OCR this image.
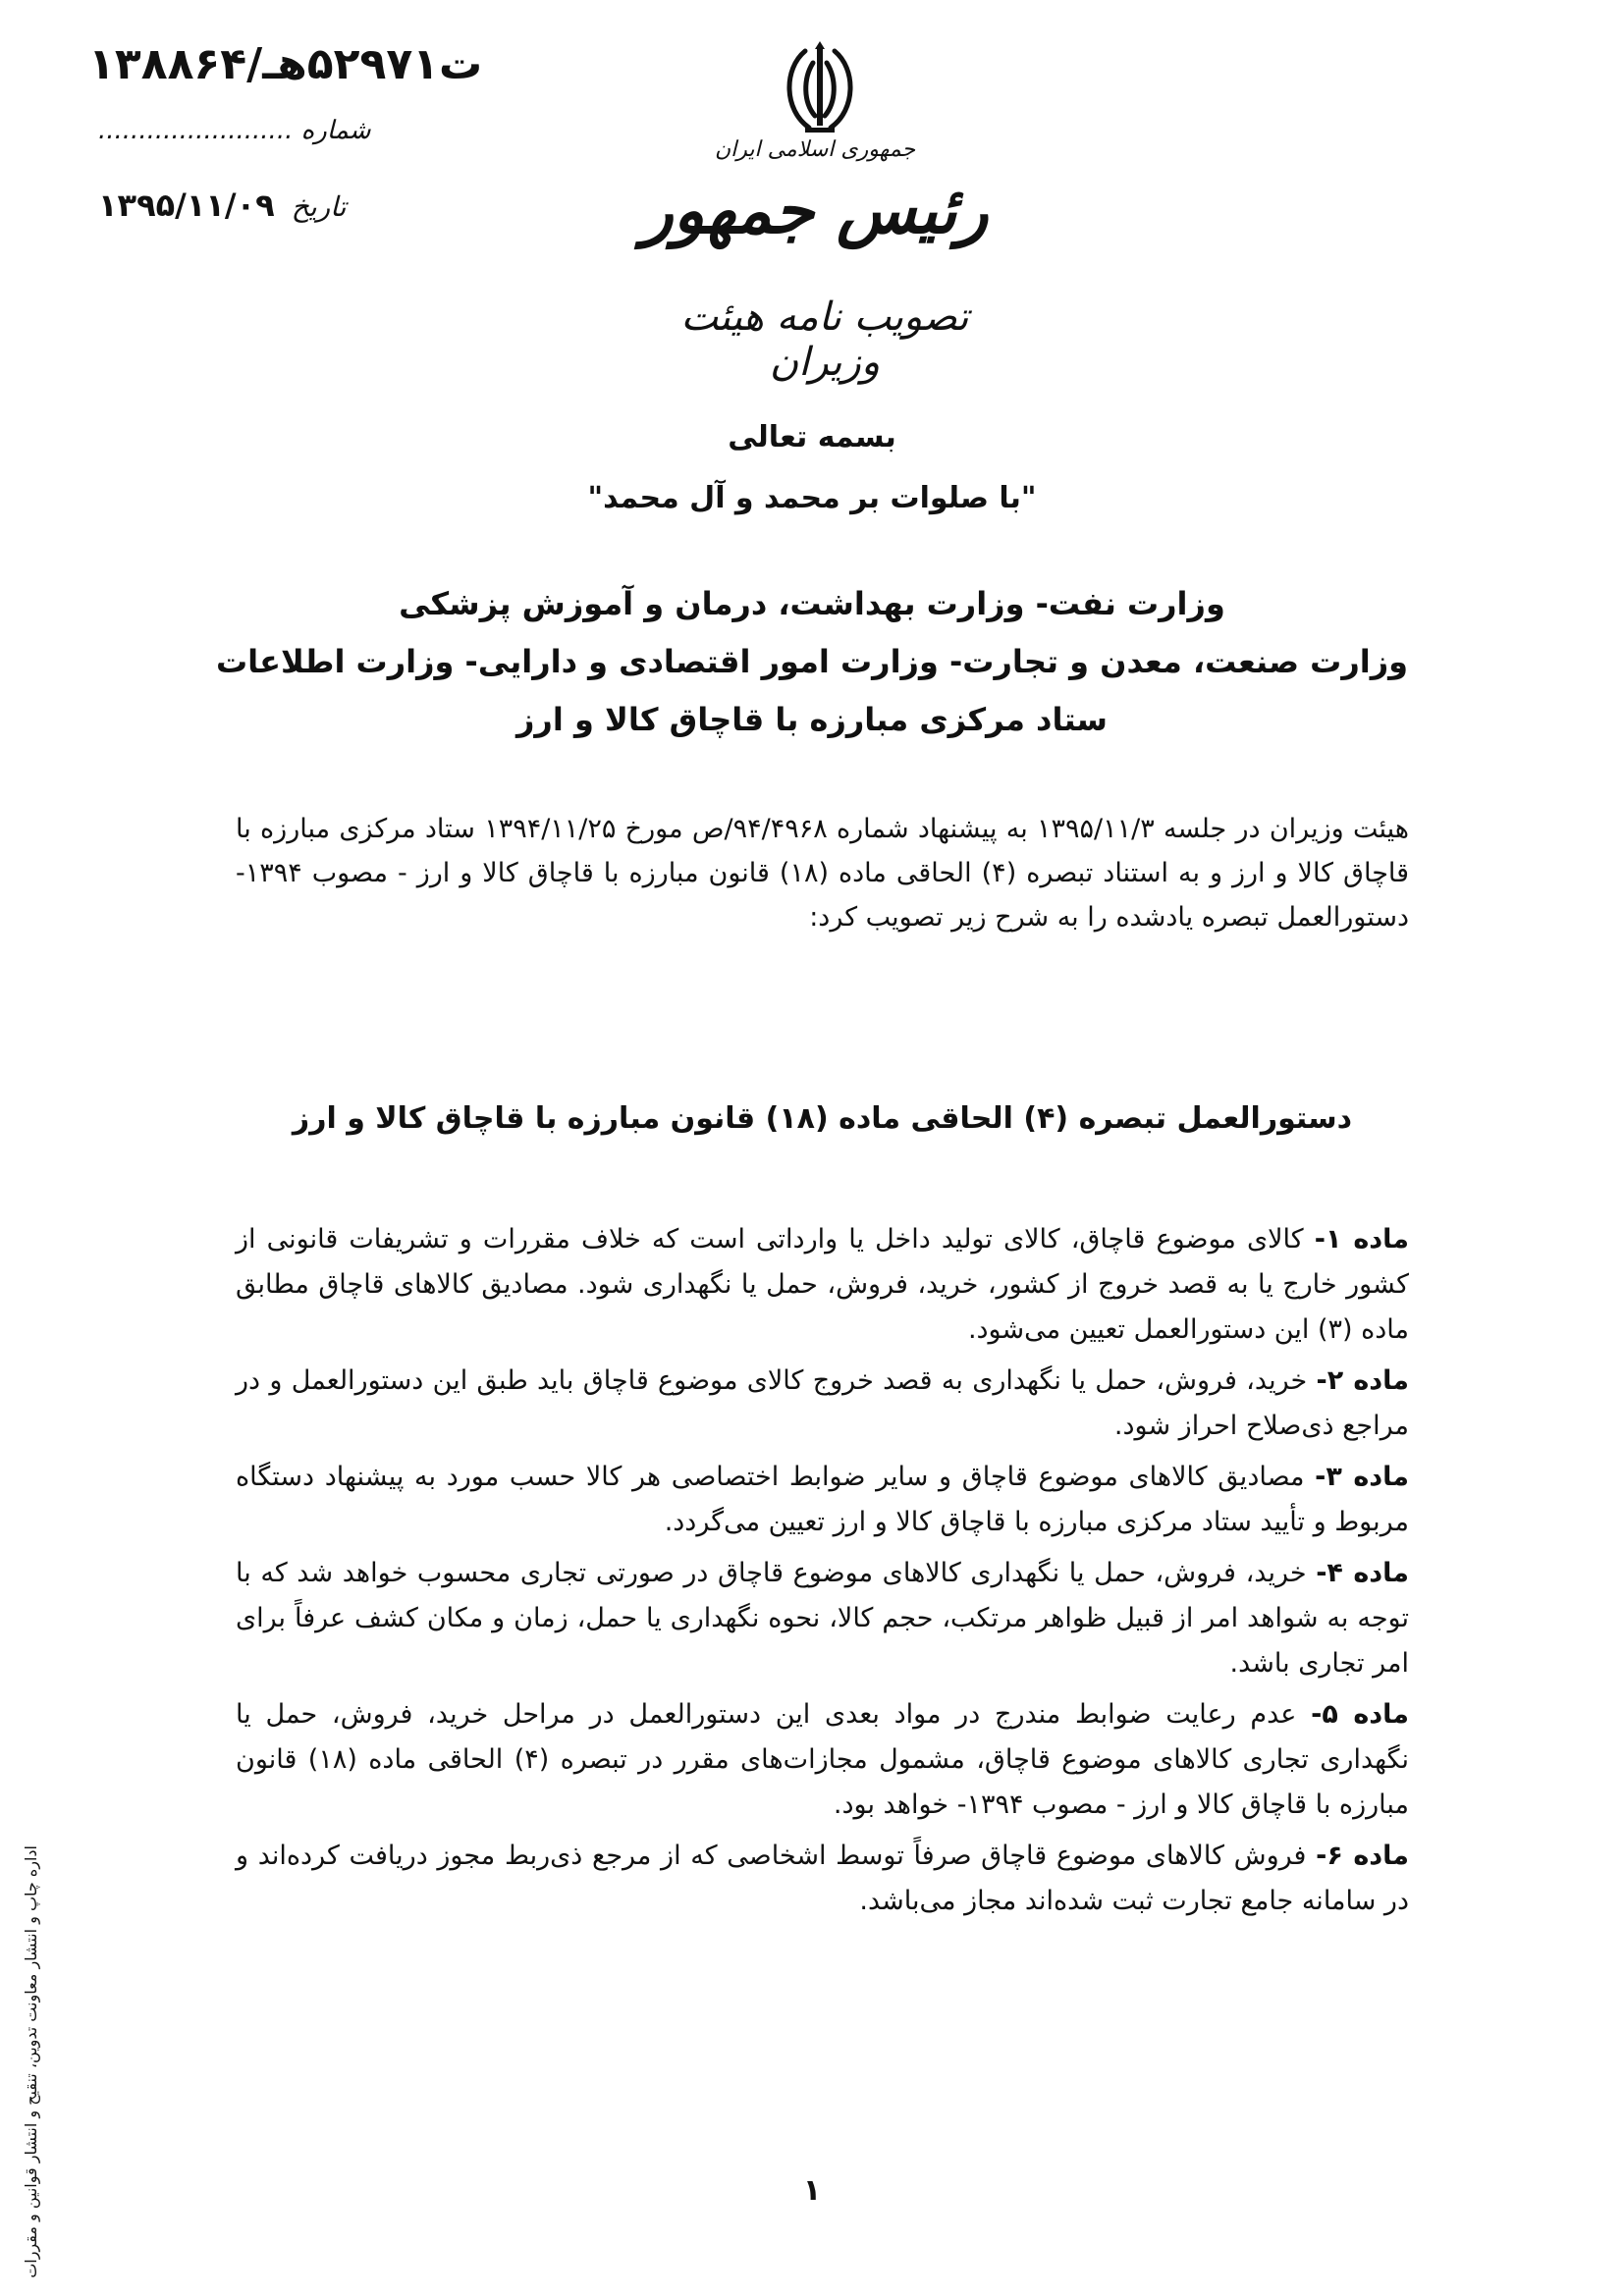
۱۳۸۸۶۴/ت۵۲۹۷۱هـ
شماره ........................
۱۳۹۵/۱۱/۰۹ تاریخ
جمهوری اسلامی ایران
رئیس جمهور
تصویب نامه هیئت وزیران
بسمه تعالی
"با صلوات بر محمد و آل محمد"
وزارت نفت- وزارت بهداشت، درمان و آموزش پزشکی
وزارت صنعت، معدن و تجارت- وزارت امور اقتصادی و دارایی- وزارت اطلاعات
ستاد مرکزی مبارزه با قاچاق کالا و ارز
هیئت وزیران در جلسه ۱۳۹۵/۱۱/۳ به پیشنهاد شماره ۹۴/۴۹۶۸/ص مورخ ۱۳۹۴/۱۱/۲۵ ستاد مرکزی مبارزه با قاچاق کالا و ارز و به استناد تبصره (۴) الحاقی ماده (۱۸) قانون مبارزه با قاچاق کالا و ارز - مصوب ۱۳۹۴- دستورالعمل تبصره یادشده را به شرح زیر تصویب کرد:
دستورالعمل تبصره (۴) الحاقی ماده (۱۸) قانون مبارزه با قاچاق کالا و ارز

ماده ۱- کالای موضوع قاچاق، کالای تولید داخل یا وارداتی است که خلاف مقررات و تشریفات قانونی از کشور خارج یا به قصد خروج از کشور، خرید، فروش، حمل یا نگهداری شود. مصادیق کالاهای قاچاق مطابق ماده (۳) این دستورالعمل تعیین می‌شود.

ماده ۲- خرید، فروش، حمل یا نگهداری به قصد خروج کالای موضوع قاچاق باید طبق این دستورالعمل و در مراجع ذی‌صلاح احراز شود.

ماده ۳- مصادیق کالاهای موضوع قاچاق و سایر ضوابط اختصاصی هر کالا حسب مورد به پیشنهاد دستگاه مربوط و تأیید ستاد مرکزی مبارزه با قاچاق کالا و ارز تعیین می‌گردد.

ماده ۴- خرید، فروش، حمل یا نگهداری کالاهای موضوع قاچاق در صورتی تجاری محسوب خواهد شد که با توجه به شواهد امر از قبیل ظواهر مرتکب، حجم کالا، نحوه نگهداری یا حمل، زمان و مکان کشف عرفاً برای امر تجاری باشد.

ماده ۵- عدم رعایت ضوابط مندرج در مواد بعدی این دستورالعمل در مراحل خرید، فروش، حمل یا نگهداری تجاری کالاهای موضوع قاچاق، مشمول مجازات‌های مقرر در تبصره (۴) الحاقی ماده (۱۸) قانون مبارزه با قاچاق کالا و ارز - مصوب ۱۳۹۴- خواهد بود.

ماده ۶- فروش کالاهای موضوع قاچاق صرفاً توسط اشخاصی که از مرجع ذی‌ربط مجوز دریافت کرده‌اند و در سامانه جامع تجارت ثبت شده‌اند مجاز می‌باشد.

اداره چاپ و انتشار معاونت تدوین، تنقیح و انتشار قوانین و مقررات	۱
